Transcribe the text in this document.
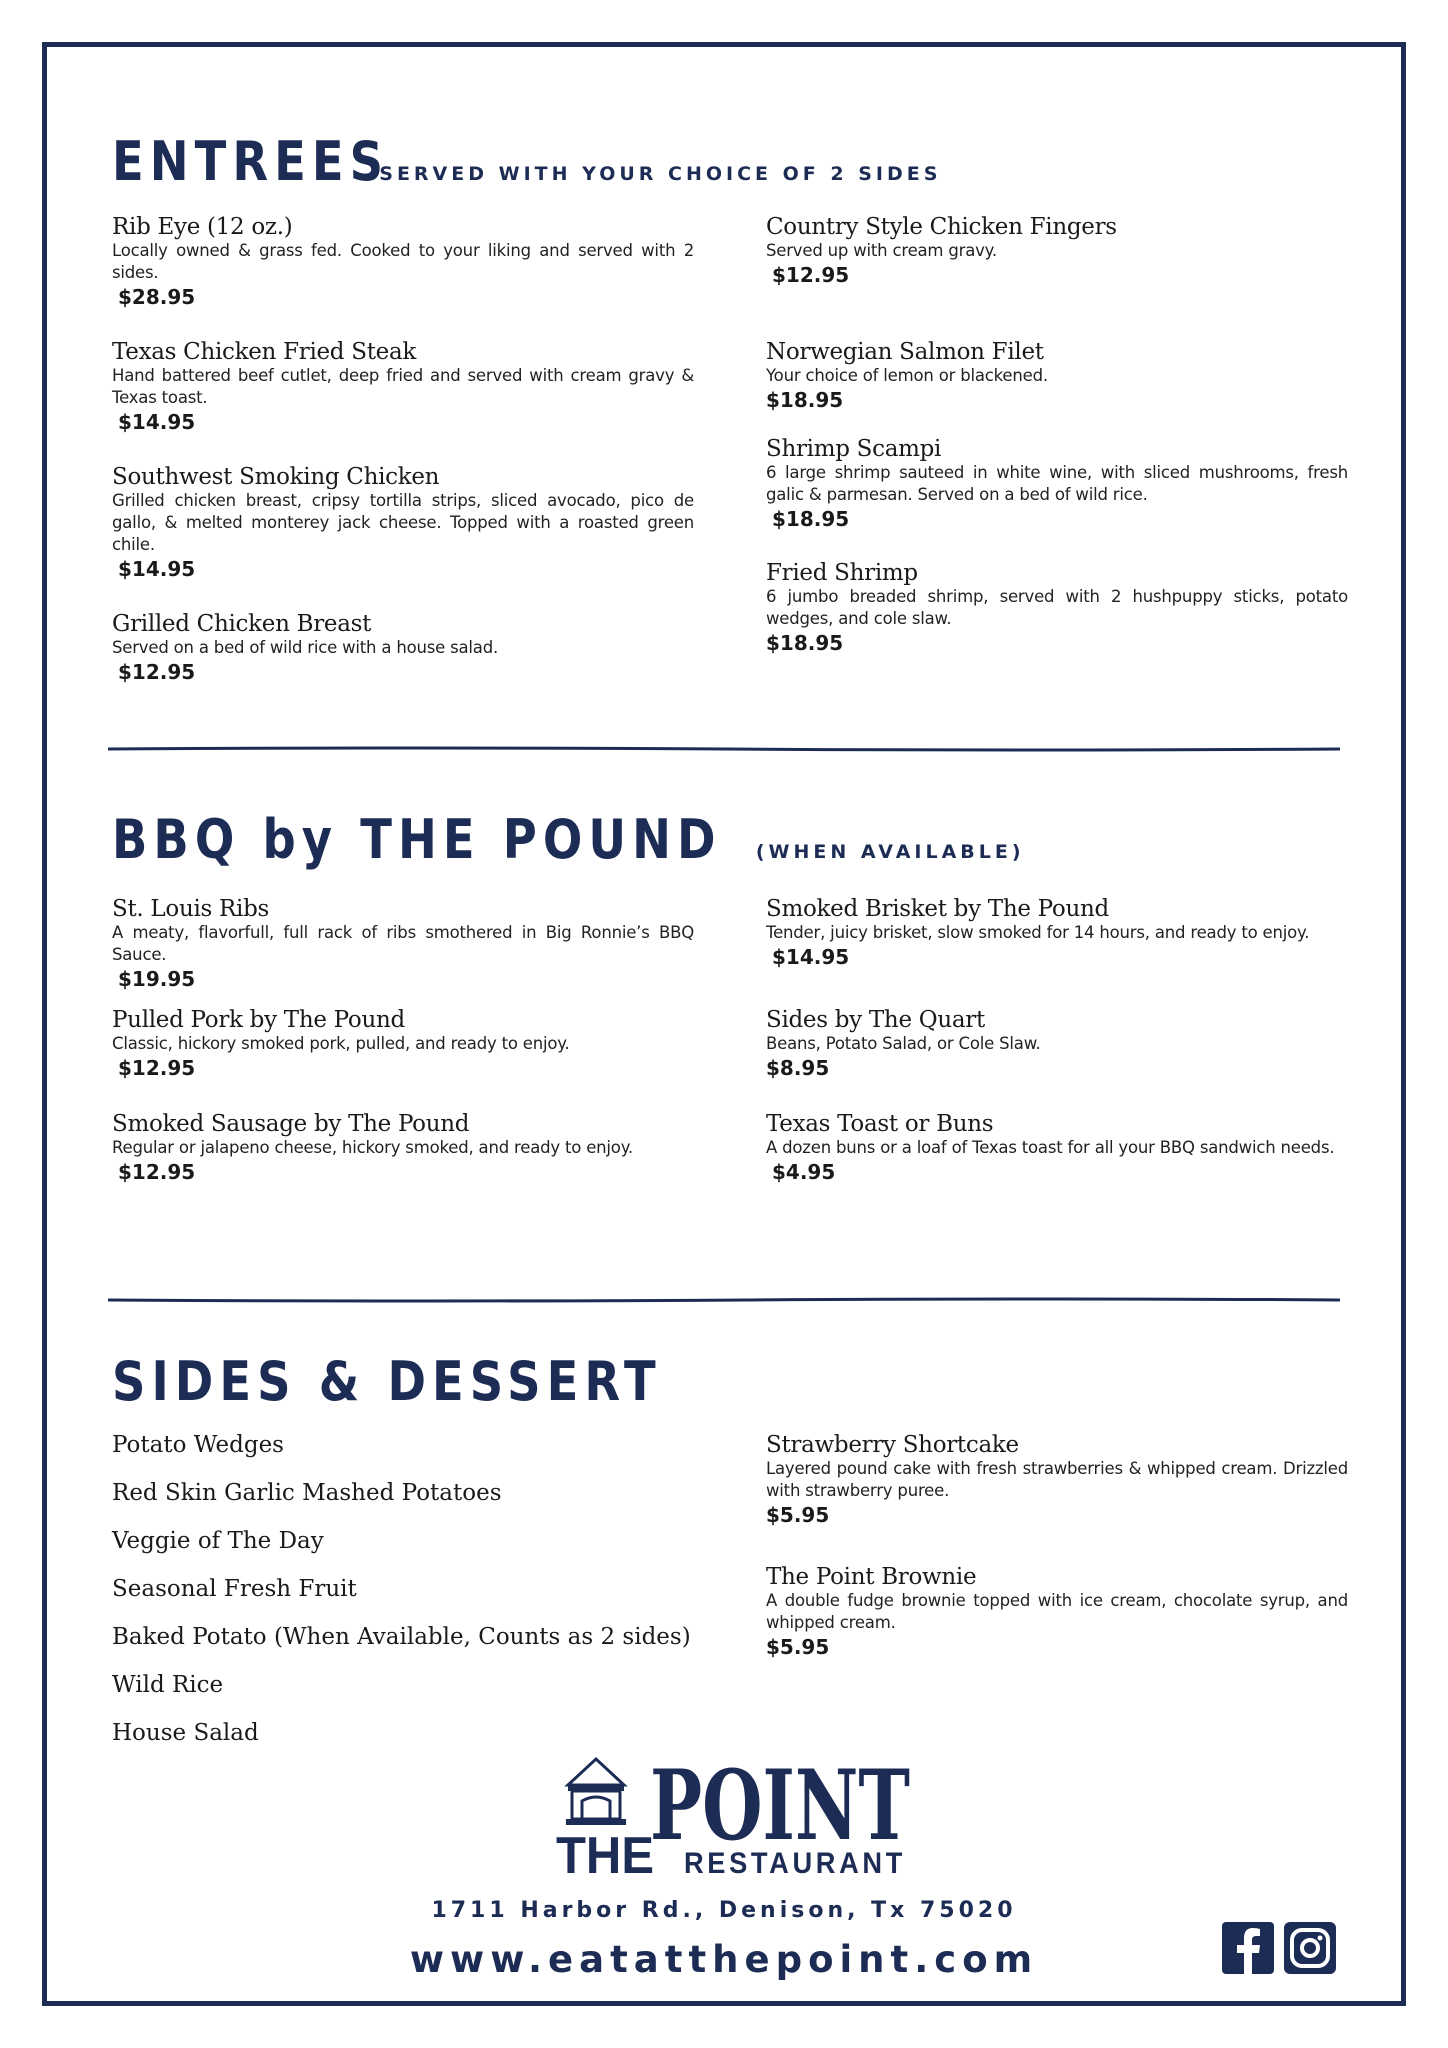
ENTREES SERVED WITH YOUR CHOICE OF 2 SIDES
Rib Eye (12 oz.)
Locally owned & grass fed. Cooked to your liking and served with 2 sides.
$28.95
Texas Chicken Fried Steak
Hand battered beef cutlet, deep fried and served with cream gravy & Texas toast.
$14.95
Southwest Smoking Chicken
Grilled chicken breast, cripsy tortilla strips, sliced avocado, pico de gallo, & melted monterey jack cheese. Topped with a roasted green chile.
$14.95
Grilled Chicken Breast
Served on a bed of wild rice with a house salad.
$12.95
Country Style Chicken Fingers
Served up with cream gravy.
$12.95
Norwegian Salmon Filet
Your choice of lemon or blackened.
$18.95
Shrimp Scampi
6 large shrimp sauteed in white wine, with sliced mushrooms, fresh galic & parmesan. Served on a bed of wild rice.
$18.95
Fried Shrimp
6 jumbo breaded shrimp, served with 2 hushpuppy sticks, potato wedges, and cole slaw.
$18.95
BBQ by THE POUND (WHEN AVAILABLE)
St. Louis Ribs
A meaty, flavorfull, full rack of ribs smothered in Big Ronnie’s BBQ Sauce.
$19.95
Pulled Pork by The Pound
Classic, hickory smoked pork, pulled, and ready to enjoy.
$12.95
Smoked Sausage by The Pound
Regular or jalapeno cheese, hickory smoked, and ready to enjoy.
$12.95
Smoked Brisket by The Pound
Tender, juicy brisket, slow smoked for 14 hours, and ready to enjoy.
$14.95
Sides by The Quart
Beans, Potato Salad, or Cole Slaw.
$8.95
Texas Toast or Buns
A dozen buns or a loaf of Texas toast for all your BBQ sandwich needs.
$4.95
SIDES & DESSERT
Potato Wedges
Red Skin Garlic Mashed Potatoes
Veggie of The Day
Seasonal Fresh Fruit
Baked Potato (When Available, Counts as 2 sides)
Wild Rice
House Salad
Strawberry Shortcake
Layered pound cake with fresh strawberries & whipped cream. Drizzled with strawberry puree.
$5.95
The Point Brownie
A double fudge brownie topped with ice cream, chocolate syrup, and whipped cream.
$5.95
THE
POINT
RESTAURANT
1711 Harbor Rd., Denison, Tx 75020
www.eatatthepoint.com
